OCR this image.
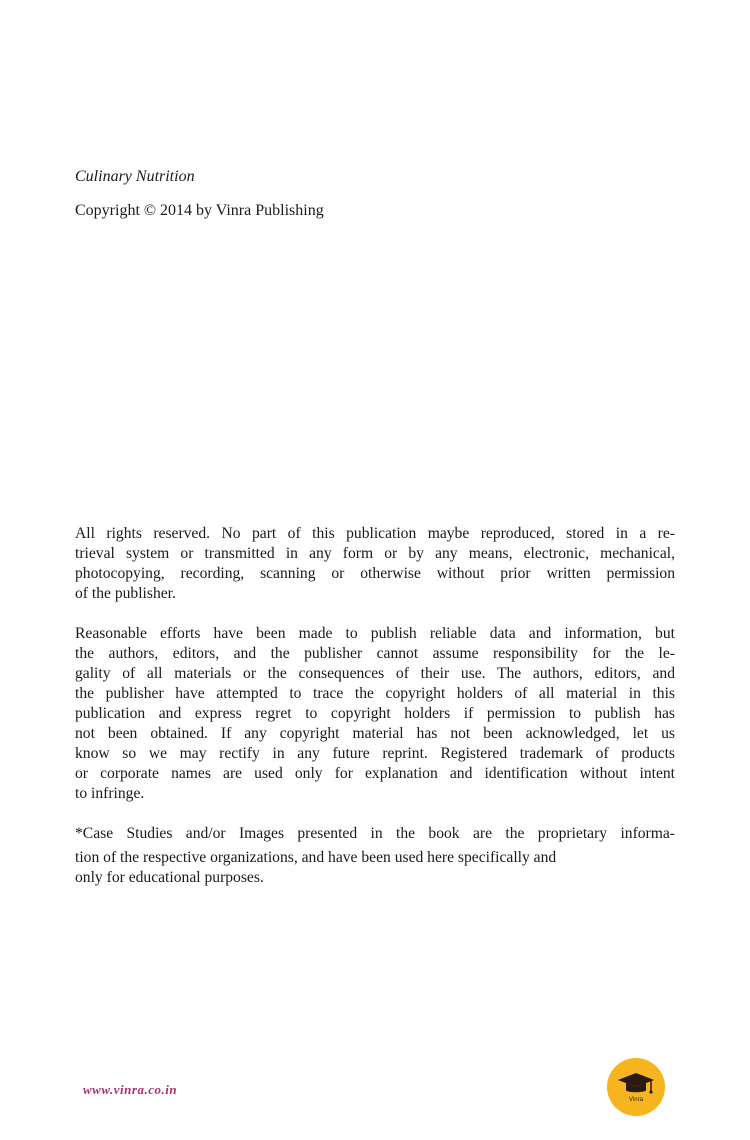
Culinary Nutrition

Copyright © 2014 by Vinra Publishing

All rights reserved. No part of this publication maybe reproduced, stored in a re-
trieval system or transmitted in any form or by any means, electronic, mechanical,
photocopying, recording, scanning or otherwise without prior written permission
of the publisher.
Reasonable efforts have been made to publish reliable data and information, but
the authors, editors, and the publisher cannot assume responsibility for the le-
gality of all materials or the consequences of their use. The authors, editors, and
the publisher have attempted to trace the copyright holders of all material in this
publication and express regret to copyright holders if permission to publish has
not been obtained. If any copyright material has not been acknowledged, let us
know so we may rectify in any future reprint. Registered trademark of products
or corporate names are used only for explanation and identification without intent
to infringe.
*Case Studies and/or Images presented in the book are the proprietary informa-
tion of the respective organizations, and have been used here specifically and
only for educational purposes.
www.vinra.co.in
Vinra
